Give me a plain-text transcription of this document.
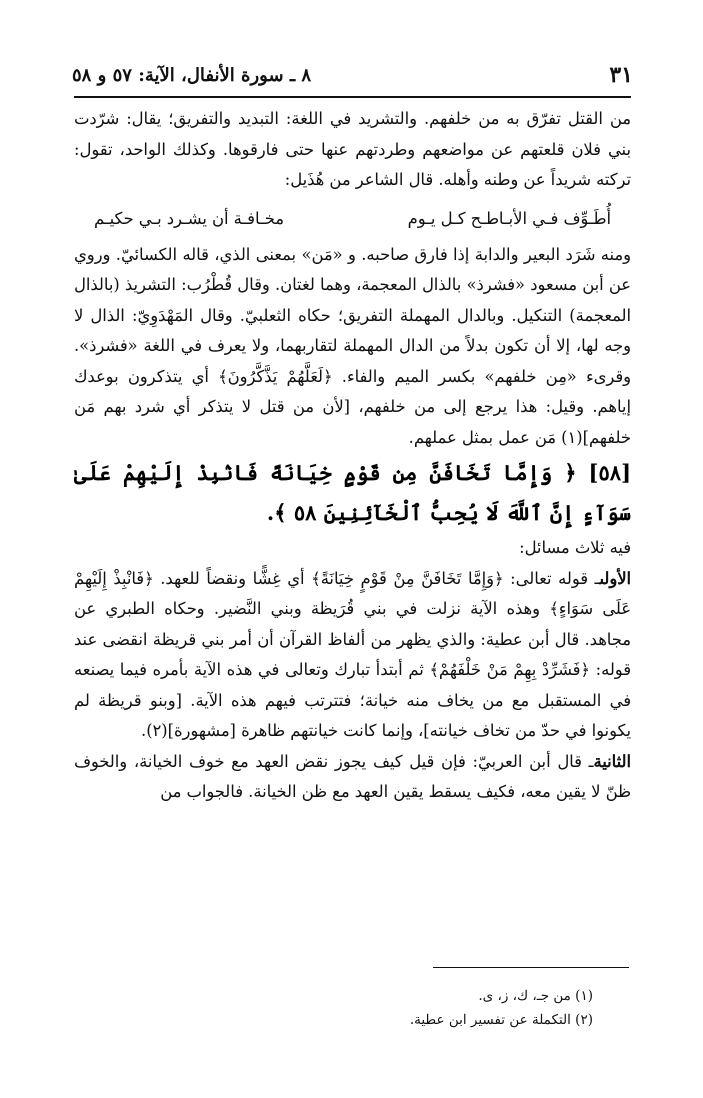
٣١
٨ ـ سورة الأنفال، الآية: ٥٧ و ٥٨

من القتل تفرّق به من خلفهم. والتشريد في اللغة: التبديد والتفريق؛ يقال: شرّدت بني فلان قلعتهم عن مواضعهم وطردتهم عنها حتى فارقوها. وكذلك الواحد، تقول: تركته شريداً عن وطنه وأهله. قال الشاعر من هُذَيل:

أُطَـوِّف فـي الأبـاطـح كـل يـوم
مخـافـة أن يشـرد بـي حكيـم

ومنه شَرَد البعير والدابة إذا فارق صاحبه. و «مَن» بمعنى الذي، قاله الكسائيّ. وروي عن أبن مسعود «فشرذ» بالذال المعجمة، وهما لغتان. وقال قُطْرُب: التشريذ (بالذال المعجمة) التنكيل. وبالدال المهملة التفريق؛ حكاه الثعلبيّ. وقال المَهْدَوِيّ: الذال لا وجه لها، إلا أن تكون بدلاً من الدال المهملة لتقاربهما، ولا يعرف في اللغة «فشرذ». وقرىء «مِن خلفهم» بكسر الميم والفاء. ﴿لَعَلَّهُمْ يَذَّكَّرُونَ﴾ أي يتذكرون بوعدك إياهم. وقيل: هذا يرجع إلى من خلفهم، [لأن من قتل لا يتذكر أي شرد بهم مَن خلفهم](١) مَن عمل بمثل عملهم.

[٥٨] ﴿ وَإِمَّا تَخَافَنَّ مِن قَوْمٍ خِيَانَةً فَانۢبِذْ إِلَيْهِمْ عَلَىٰ سَوَآءٍ إِنَّ ٱللَّهَ لَا يُحِبُّ ٱلْخَآئِنِينَ ٥٨ ﴾.

فيه ثلاث مسائل:

الأولىـ قوله تعالى: ﴿وَإِمَّا تَخَافَنَّ مِنْ قَوْمٍ خِيَانَةً﴾ أي غِشًّا ونقضاً للعهد. ﴿فَانْبِذْ إِلَيْهِمْ عَلَى سَوَاءٍ﴾ وهذه الآية نزلت في بني قُرَيظة وبني النَّضير. وحكاه الطبري عن مجاهد. قال أبن عطية: والذي يظهر من ألفاظ القرآن أن أمر بني قريظة انقضى عند قوله: ﴿فَشَرِّدْ بِهِمْ مَنْ خَلْفَهُمْ﴾ ثم أبتدأ تبارك وتعالى في هذه الآية بأمره فيما يصنعه في المستقبل مع من يخاف منه خيانة؛ فتترتب فيهم هذه الآية. [وبنو قريظة لم يكونوا في حدّ من تخاف خيانته]، وإنما كانت خيانتهم ظاهرة [مشهورة](٢).

الثانيةـ قال أبن العربيّ: فإن قيل كيف يجوز نقض العهد مع خوف الخيانة، والخوف ظنّ لا يقين معه، فكيف يسقط يقين العهد مع ظن الخيانة. فالجواب من

(١) من جـ، ك، ز، ى.
(٢) التكملة عن تفسير ابن عطية.
